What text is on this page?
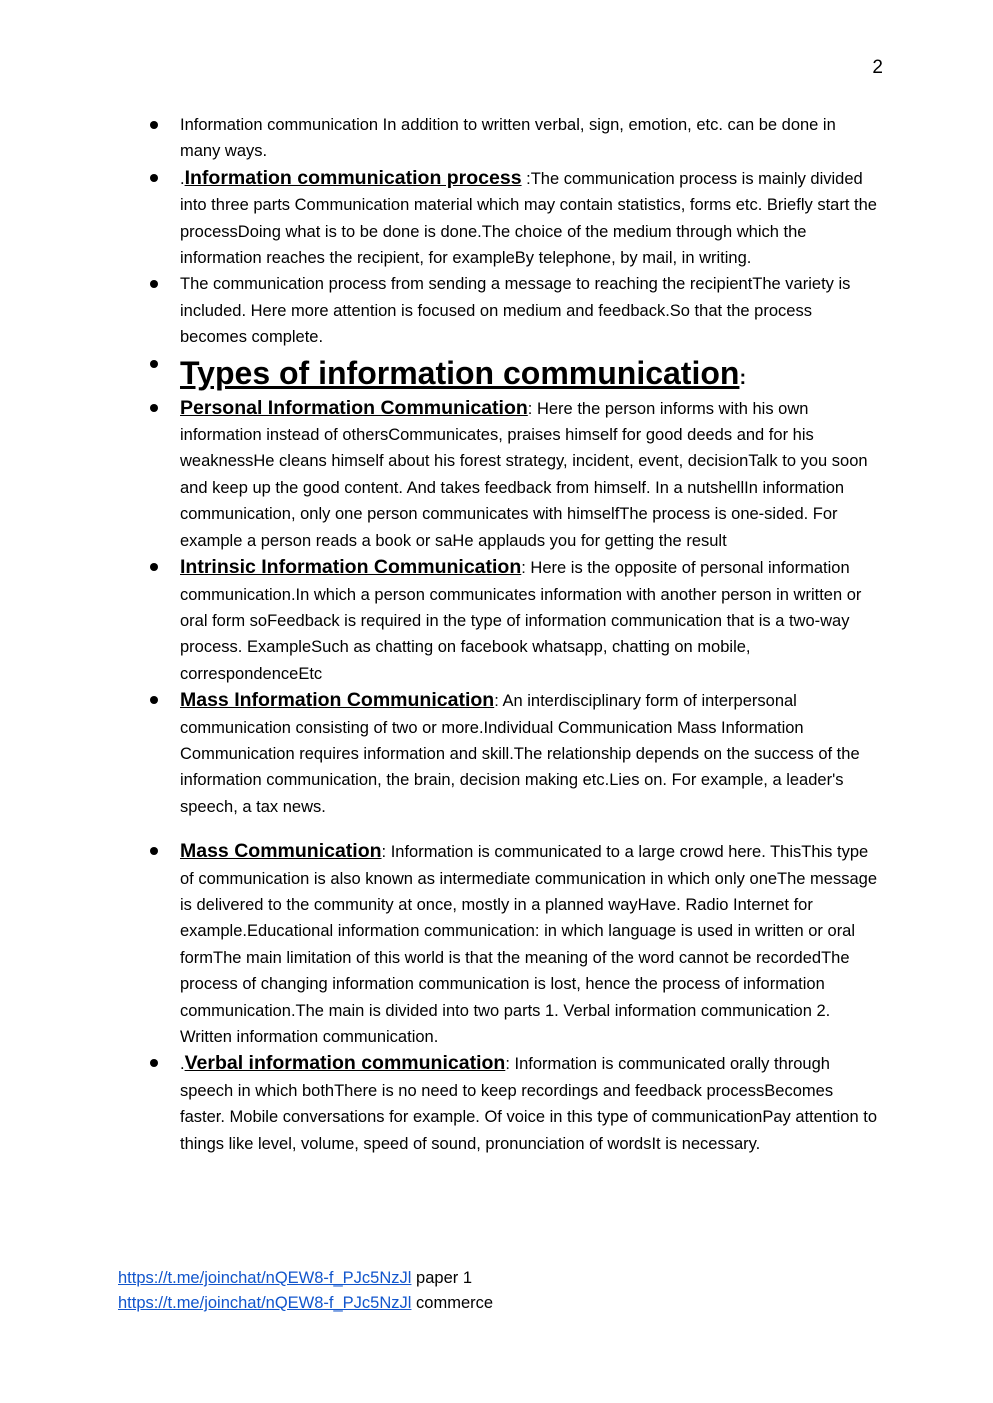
2
Information communication In addition to written verbal, sign, emotion, etc. can be done in many ways.
.Information communication process :The communication process is mainly divided into three parts Communication material which may contain statistics, forms etc. Briefly start the processDoing what is to be done is done.The choice of the medium through which the information reaches the recipient, for exampleBy telephone, by mail, in writing.
The communication process from sending a message to reaching the recipientThe variety is included. Here more attention is focused on medium and feedback.So that the process becomes complete.
Types of information communication:
Personal Information Communication: Here the person informs with his own information instead of othersCommunicates, praises himself for good deeds and for his weaknessHe cleans himself about his forest strategy, incident, event, decisionTalk to you soon and keep up the good content. And takes feedback from himself. In a nutshellIn information communication, only one person communicates with himselfThe process is one-sided. For example a person reads a book or saHe applauds you for getting the result
Intrinsic Information Communication: Here is the opposite of personal information communication.In which a person communicates information with another person in written or oral form soFeedback is required in the type of information communication that is a two-way process. ExampleSuch as chatting on facebook whatsapp, chatting on mobile, correspondenceEtc
Mass Information Communication: An interdisciplinary form of interpersonal communication consisting of two or more.Individual Communication Mass Information Communication requires information and skill.The relationship depends on the success of the information communication, the brain, decision making etc.Lies on. For example, a leader's speech, a tax news.
Mass Communication: Information is communicated to a large crowd here. ThisThis type of communication is also known as intermediate communication in which only oneThe message is delivered to the community at once, mostly in a planned wayHave. Radio Internet for example.Educational information communication: in which language is used in written or oral formThe main limitation of this world is that the meaning of the word cannot be recordedThe process of changing information communication is lost, hence the process of information communication.The main is divided into two parts 1. Verbal information communication 2. Written information communication.
.Verbal information communication: Information is communicated orally through speech in which bothThere is no need to keep recordings and feedback processBecomes faster. Mobile conversations for example. Of voice in this type of communicationPay attention to things like level, volume, speed of sound, pronunciation of wordsIt is necessary.
https://t.me/joinchat/nQEW8-f_PJc5NzJl paper 1
https://t.me/joinchat/nQEW8-f_PJc5NzJl commerce
